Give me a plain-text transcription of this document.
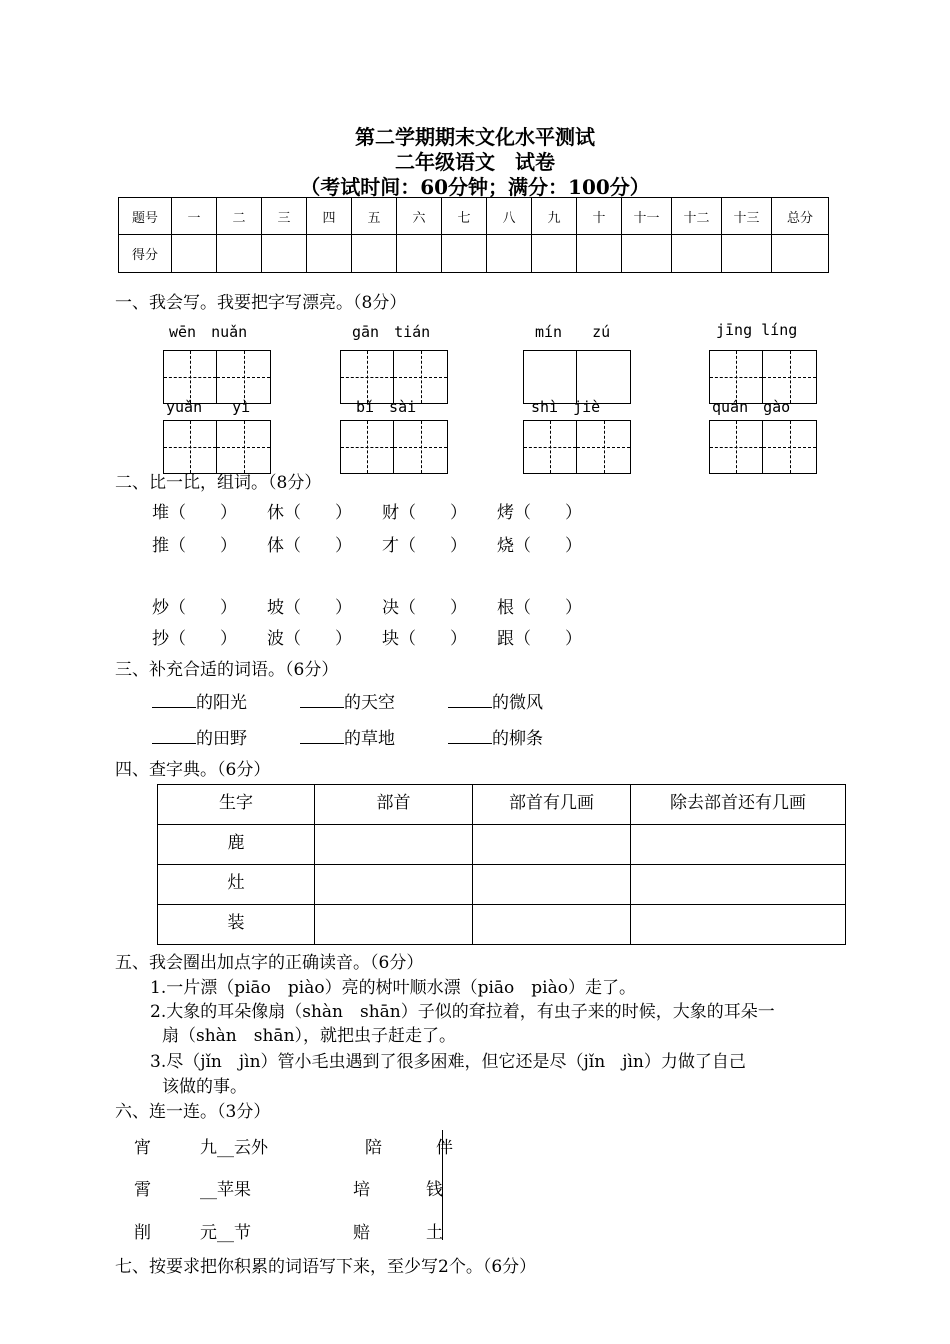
第二学期期末文化水平测试
二年级语文　试卷
（考试时间：60分钟；满分：100分）
题号	一	二	三	四	五	六	七	八	九	十	十一	十二	十三	总分
得分														
一、我会写。我要把字写漂亮。（8分）
wēn　nuǎn	gān　tián	mín　　zú	jīng líng
yuǎn　　yì	bǐ　sài	shì　jiè	quán　gào
二、比一比，组词。（8分）
堆（　　） 休（　　） 财（　　） 烤（　　）
推（　　） 体（　　） 才（　　） 烧（　　）
炒（　　） 坡（　　） 决（　　） 根（　　）
抄（　　） 波（　　） 块（　　） 跟（　　）
三、补充合适的词语。（6分）
的阳光	的天空	的微风
的田野	的草地	的柳条
四、查字典。（6分）
生字	部首	部首有几画	除去部首还有几画
鹿			
灶			
装			
五、我会圈出加点字的正确读音。（6分）
1.一片漂（piāo　piào）亮的树叶顺水漂（piāo　piào）走了。
2.大象的耳朵像扇（shàn　shān）子似的耷拉着，有虫子来的时候，大象的耳朵一
扇（shàn　shān），就把虫子赶走了。
3.尽（jǐn　jìn）管小毛虫遇到了很多困难，但它还是尽（jǐn　jìn）力做了自己
该做的事。
六、连一连。（3分）
宵	九__云外	陪	伴
霄	__苹果	培	钱
削	元__节	赔	土
七、按要求把你积累的词语写下来，至少写2个。（6分）
